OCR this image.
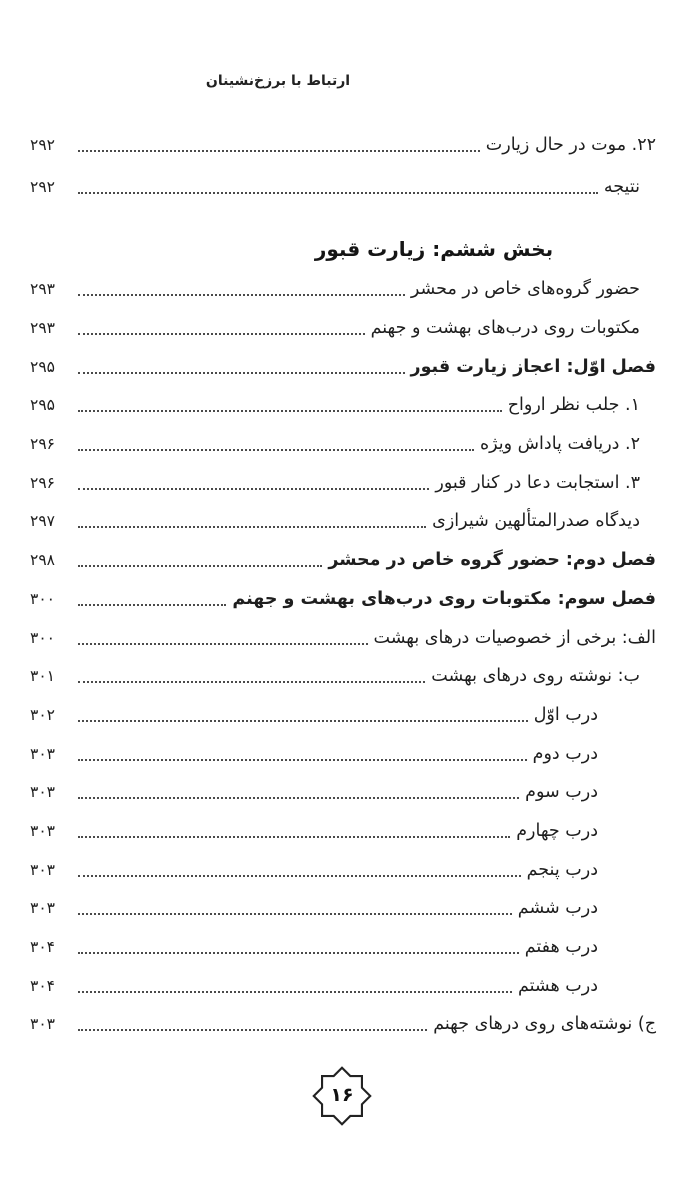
ارتباط با برزخ‌نشینان
۲۲. موت در حال زیارت
۲۹۲
نتیجه
۲۹۲
بخش ششم: زیارت قبور
حضور گروه‌های خاص در محشر
۲۹۳
مکتوبات روی درب‌های بهشت و جهنم
۲۹۳
فصل اوّل: اعجاز زیارت قبور
۲۹۵
۱. جلب نظر ارواح
۲۹۵
۲. دریافت پاداش ویژه
۲۹۶
۳. استجابت دعا در کنار قبور
۲۹۶
دیدگاه صدرالمتألهین شیرازی
۲۹۷
فصل دوم: حضور گروه خاص در محشر
۲۹۸
فصل سوم: مکتوبات روی درب‌های بهشت و جهنم
۳۰۰
الف: برخی از خصوصیات درهای بهشت
۳۰۰
ب: نوشته روی درهای بهشت
۳۰۱
درب اوّل
۳۰۲
درب دوم
۳۰۳
درب سوم
۳۰۳
درب چهارم
۳۰۳
درب پنجم
۳۰۳
درب ششم
۳۰۳
درب هفتم
۳۰۴
درب هشتم
۳۰۴
ج) نوشته‌های روی درهای جهنم
۳۰۳
۱۶
